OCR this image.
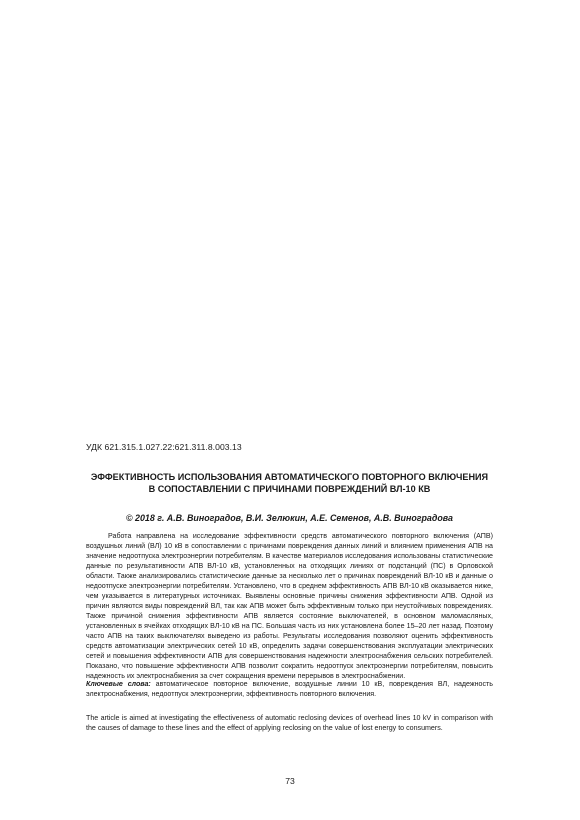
УДК 621.315.1.027.22:621.311.8.003.13
ЭФФЕКТИВНОСТЬ ИСПОЛЬЗОВАНИЯ АВТОМАТИЧЕСКОГО ПОВТОРНОГО ВКЛЮЧЕНИЯ
В СОПОСТАВЛЕНИИ С ПРИЧИНАМИ ПОВРЕЖДЕНИЙ ВЛ-10 КВ
© 2018 г. А.В. Виноградов, В.И. Зелюкин, А.Е. Семенов, А.В. Виноградова

Работа направлена на исследование эффективности средств автоматического повторного включения (АПВ) воздушных линий (ВЛ) 10 кВ в сопоставлении с причинами повреждения данных линий и влиянием применения АПВ на значение недоотпуска электроэнергии потребителям. В качестве материалов исследования использованы статистические данные по результативности АПВ ВЛ-10 кВ, установленных на отходящих линиях от подстанций (ПС) в Орловской области. Также анализировались статистические данные за несколько лет о причинах повреждений ВЛ-10 кВ и данные о недоотпуске электроэнергии потребителям. Установлено, что в среднем эффективность АПВ ВЛ-10 кВ оказывается ниже, чем указывается в литературных источниках. Выявлены основные причины снижения эффективности АПВ. Одной из причин являются виды повреждений ВЛ, так как АПВ может быть эффективным только при неустойчивых повреждениях. Также причиной снижения эффективности АПВ является состояние выключателей, в основном маломасляных, установленных в ячейках отходящих ВЛ-10 кВ на ПС. Большая часть из них установлена более 15–20 лет назад. Поэтому часто АПВ на таких выключателях выведено из работы. Результаты исследования позволяют оценить эффективность средств автоматизации электрических сетей 10 кВ, определить задачи совершенствования эксплуатации электрических сетей и повышения эффективности АПВ для совершенствования надежности электроснабжения сельских потребителей. Показано, что повышение эффективности АПВ позволит сократить недоотпуск электроэнергии потребителям, повысить надежность их электроснабжения за счет сокращения времени перерывов в электроснабжении.

Ключевые слова: автоматическое повторное включение, воздушные линии 10 кВ, повреждения ВЛ, надежность электроснабжения, недоотпуск электроэнергии, эффективность повторного включения.

The article is aimed at investigating the effectiveness of automatic reclosing devices of overhead lines 10 kV in comparison with the causes of damage to these lines and the effect of applying reclosing on the value of lost energy to consumers.

73
